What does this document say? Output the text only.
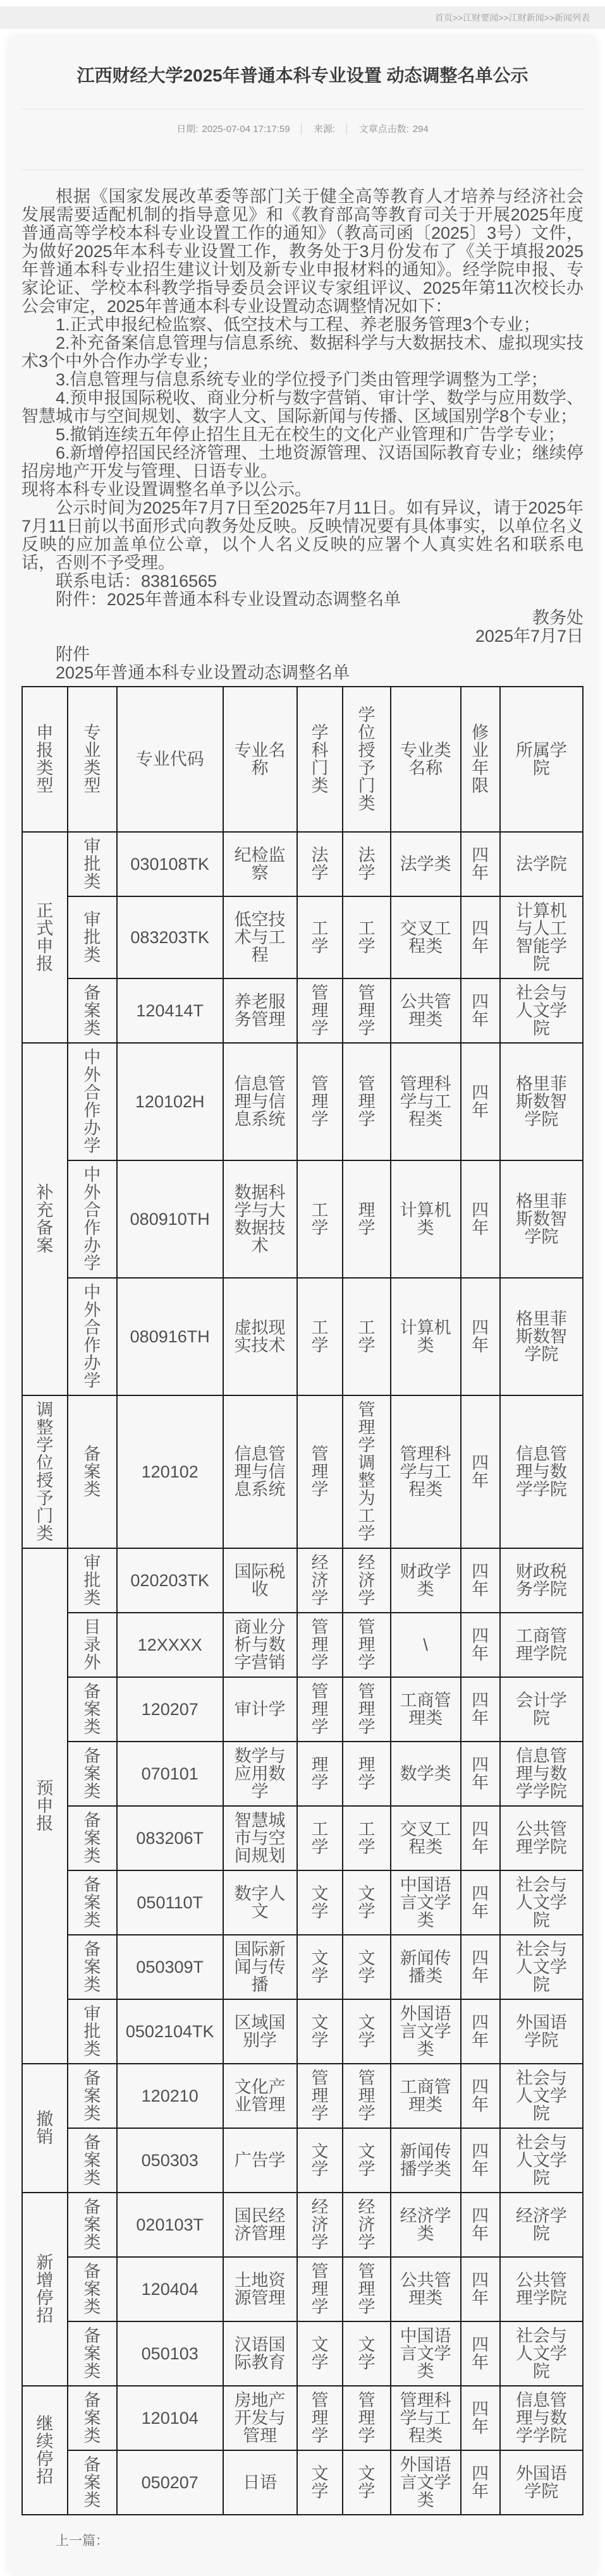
首页>>江财要闻>>江财新闻>>新闻列表
江西财经大学2025年普通本科专业设置 动态调整名单公示
日期: 2025-07-04 17:17:59 │ 来源: │ 文章点击数: 294

根据《国家发展改革委等部门关于健全高等教育人才培养与经济社会发展需要适配机制的指导意见》和《教育部高等教育司关于开展2025年度普通高等学校本科专业设置工作的通知》（教高司函〔2025〕3号）文件，为做好2025年本科专业设置工作，教务处于3月份发布了《关于填报2025年普通本科专业招生建议计划及新专业申报材料的通知》。经学院申报、专家论证、学校本科教学指导委员会评议专家组评议、2025年第11次校长办公会审定，2025年普通本科专业设置动态调整情况如下：

1.正式申报纪检监察、低空技术与工程、养老服务管理3个专业；

2.补充备案信息管理与信息系统、数据科学与大数据技术、虚拟现实技术3个中外合作办学专业；

3.信息管理与信息系统专业的学位授予门类由管理学调整为工学；

4.预申报国际税收、商业分析与数字营销、审计学、数学与应用数学、智慧城市与空间规划、数字人文、国际新闻与传播、区域国别学8个专业；

5.撤销连续五年停止招生且无在校生的文化产业管理和广告学专业；

6.新增停招国民经济管理、土地资源管理、汉语国际教育专业；继续停招房地产开发与管理、日语专业。

现将本科专业设置调整名单予以公示。

公示时间为2025年7月7日至2025年7月11日。如有异议，请于2025年7月11日前以书面形式向教务处反映。反映情况要有具体事实，以单位名义反映的应加盖单位公章，以个人名义反映的应署个人真实姓名和联系电话，否则不予受理。

联系电话：83816565

附件：2025年普通本科专业设置动态调整名单

教务处

2025年7月7日

附件

2025年普通本科专业设置动态调整名单

申报类型	专业类型	专业代码	专业名称	学科门类	学位授予门类	专业类名称	修业年限	所属学院
正式申报	审批类	030108TK	纪检监察	法学	法学	法学类	四年	法学院
	审批类	083203TK	低空技术与工程	工学	工学	交叉工程类	四年	计算机与人工智能学院
	备案类	120414T	养老服务管理	管理学	管理学	公共管理类	四年	社会与人文学院
补充备案	中外合作办学	120102H	信息管理与信息系统	管理学	管理学	管理科学与工程类	四年	格里菲斯数智学院
	中外合作办学	080910TH	数据科学与大数据技术	工学	理学	计算机类	四年	格里菲斯数智学院
	中外合作办学	080916TH	虚拟现实技术	工学	工学	计算机类	四年	格里菲斯数智学院
调整学位授予门类	备案类	120102	信息管理与信息系统	管理学	管理学调整为工学	管理科学与工程类	四年	信息管理与数学学院
预申报	审批类	020203TK	国际税收	经济学	经济学	财政学类	四年	财政税务学院
	目录外	12XXXX	商业分析与数字营销	管理学	管理学	\	四年	工商管理学院
	备案类	120207	审计学	管理学	管理学	工商管理类	四年	会计学院
	备案类	070101	数学与应用数学	理学	理学	数学类	四年	信息管理与数学学院
	备案类	083206T	智慧城市与空间规划	工学	工学	交叉工程类	四年	公共管理学院
	备案类	050110T	数字人文	文学	文学	中国语言文学类	四年	社会与人文学院
	备案类	050309T	国际新闻与传播	文学	文学	新闻传播类	四年	社会与人文学院
	审批类	0502104TK	区域国别学	文学	文学	外国语言文学类	四年	外国语学院
撤销	备案类	120210	文化产业管理	管理学	管理学	工商管理类	四年	社会与人文学院
	备案类	050303	广告学	文学	文学	新闻传播学类	四年	社会与人文学院
新增停招	备案类	020103T	国民经济管理	经济学	经济学	经济学类	四年	经济学院
	备案类	120404	土地资源管理	管理学	管理学	公共管理类	四年	公共管理学院
	备案类	050103	汉语国际教育	文学	文学	中国语言文学类	四年	社会与人文学院
继续停招	备案类	120104	房地产开发与管理	管理学	管理学	管理科学与工程类	四年	信息管理与数学学院
	备案类	050207	日语	文学	文学	外国语言文学类	四年	外国语学院
上一篇：
